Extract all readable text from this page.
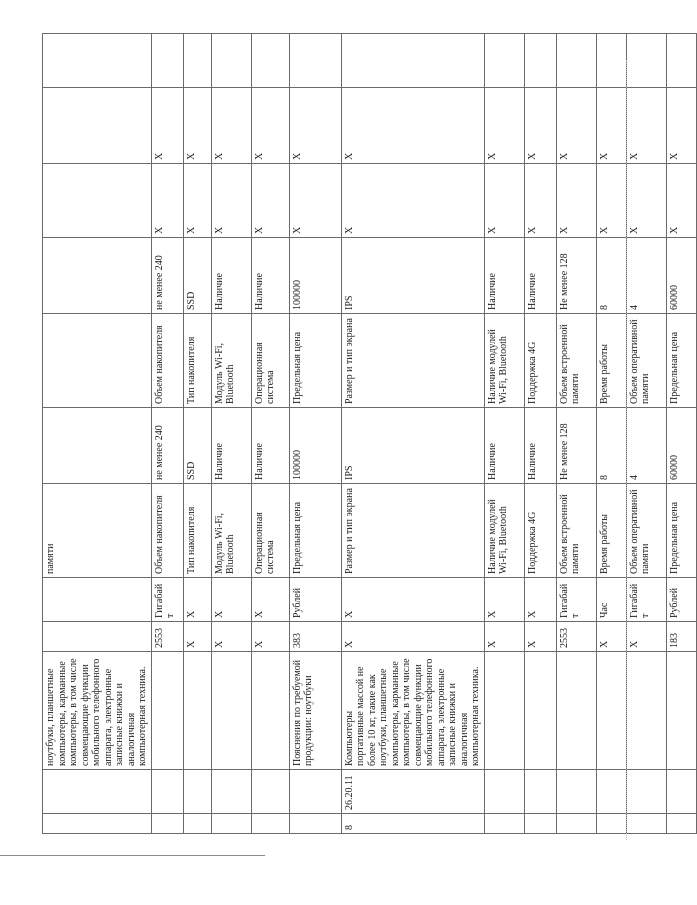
		ноутбуки, планшетные компьютеры, карманные компьютеры, в том числе совмещающие функции мобильного телефонного аппарата, электронные записные книжки и аналогичная компьютерная техника.			памяти						

			2553	Гигабайт	Объем накопителя	не менее 240	Объем накопителя	не менее 240	X	X	
			X	X	Тип накопителя	SSD	Тип накопителя	SSD	X	X	
			X	X	Модуль Wi-Fi, Bluetooth	Наличие	Модуль Wi-Fi, Bluetooth	Наличие	X	X	
			X	X	Операционная система	Наличие	Операционная система	Наличие	X	X	
		Пояснения по требуемой продукции: ноутбуки	383	Рублей	Предельная цена	100000	Предельная цена	100000	X	X	
8	26.20.11	Компьютеры портативные массой не более 10 кг, такие как ноутбуки, планшетные компьютеры, карманные компьютеры, в том числе совмещающие функции мобильного телефонного аппарата, электронные записные книжки и аналогичная компьютерная техника.	X	X	Размер и тип экрана	IPS	Размер и тип экрана	IPS	X	X	
			X	X	Наличие модулей Wi-Fi, Bluetooth	Наличие	Наличие модулей Wi-Fi, Bluetooth	Наличие	X	X	
			X	X	Поддержка 4G	Наличие	Поддержка 4G	Наличие	X	X	
			2553	Гигабайт	Объем встроенной памяти	Не менее 128	Объем встроенной памяти	Не менее 128	X	X	
			X	Час	Время работы	8	Время работы	8	X	X	
			X	Гигабайт	Объем оперативной памяти	4	Объем оперативной памяти	4	X	X	
			183	Рублей	Предельная цена	60000	Предельная цена	60000	X	X	
